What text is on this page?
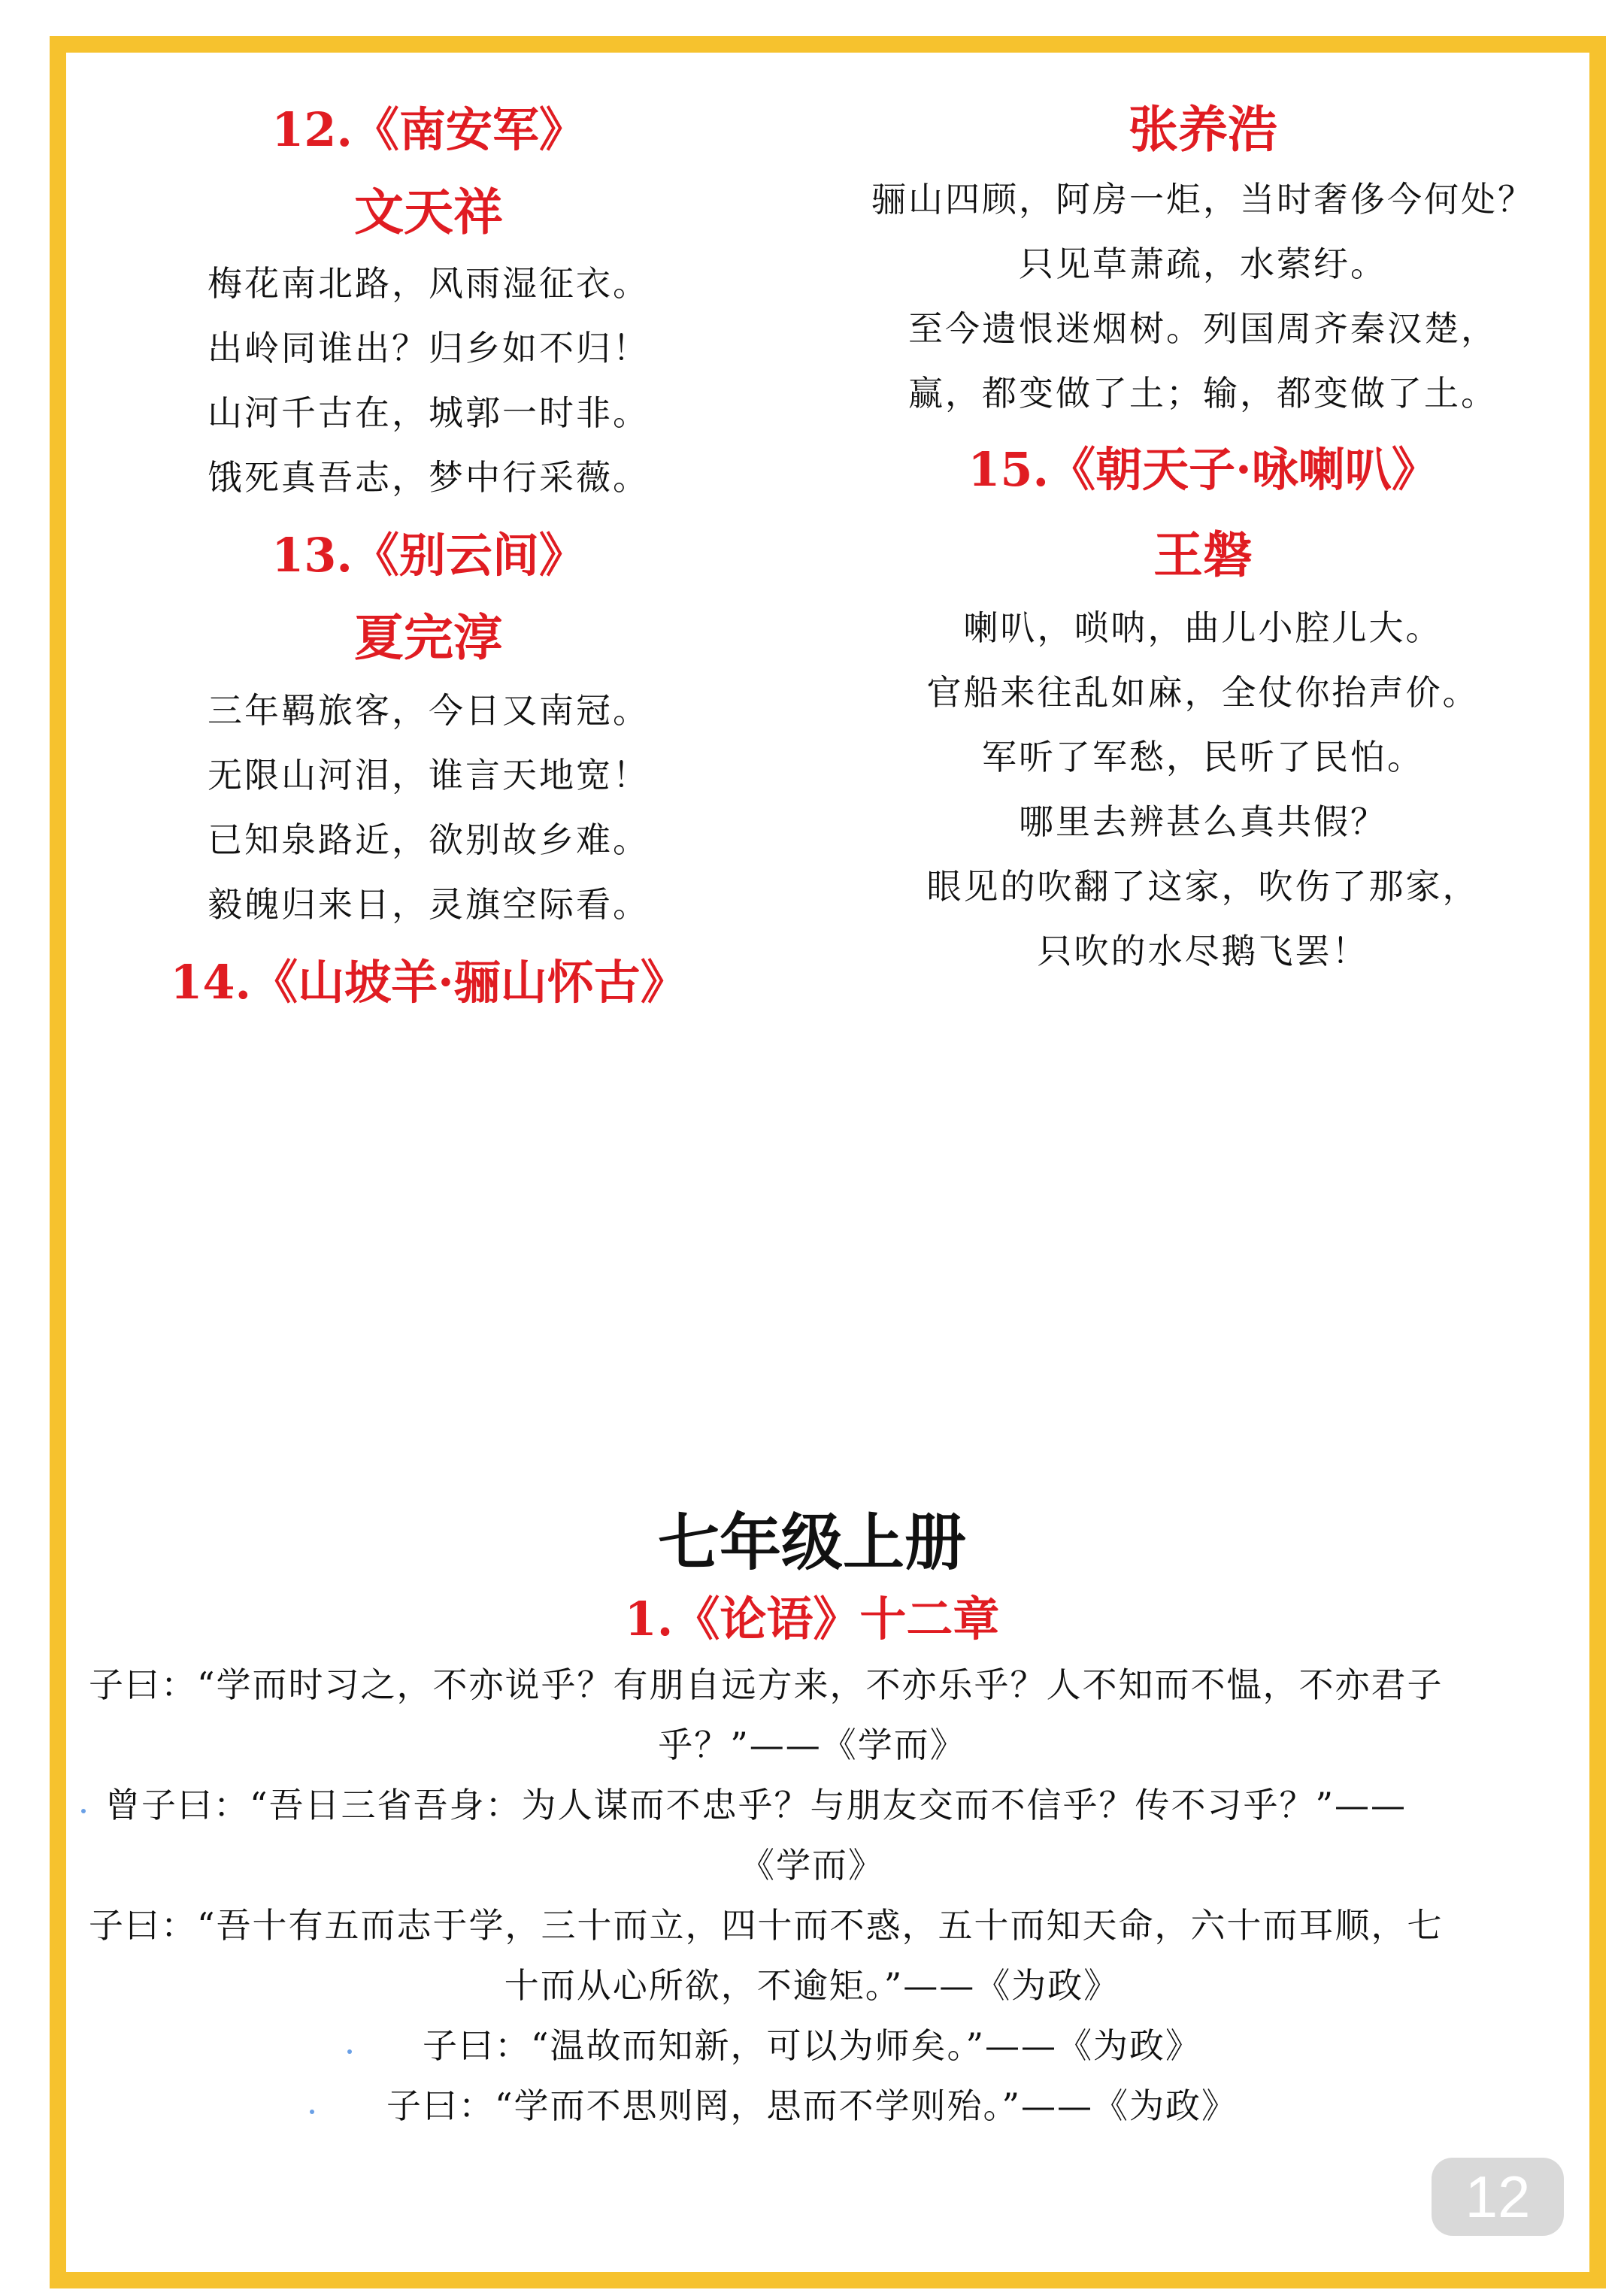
12.《南安军》
文天祥
梅花南北路，风雨湿征衣。
出岭同谁出？归乡如不归！
山河千古在，城郭一时非。
饿死真吾志，梦中行采薇。
13.《别云间》
夏完淳
三年羁旅客，今日又南冠。
无限山河泪，谁言天地宽！
已知泉路近，欲别故乡难。
毅魄归来日，灵旗空际看。
14.《山坡羊·骊山怀古》
张养浩
骊山四顾，阿房一炬，当时奢侈今何处？
只见草萧疏，水萦纡。
至今遗恨迷烟树。列国周齐秦汉楚，
赢，都变做了土；输，都变做了土。
15.《朝天子·咏喇叭》
王磐
喇叭，唢呐，曲儿小腔儿大。
官船来往乱如麻，全仗你抬声价。
军听了军愁，民听了民怕。
哪里去辨甚么真共假？
眼见的吹翻了这家，吹伤了那家，
只吹的水尽鹅飞罢！
七年级上册
1.《论语》十二章
子曰：“学而时习之，不亦说乎？有朋自远方来，不亦乐乎？人不知而不愠，不亦君子
乎？”——《学而》
曾子曰：“吾日三省吾身：为人谋而不忠乎？与朋友交而不信乎？传不习乎？”——
《学而》
子曰：“吾十有五而志于学，三十而立，四十而不惑，五十而知天命，六十而耳顺，七
十而从心所欲，不逾矩。”——《为政》
子曰：“温故而知新，可以为师矣。”——《为政》
子曰：“学而不思则罔，思而不学则殆。”——《为政》
12
